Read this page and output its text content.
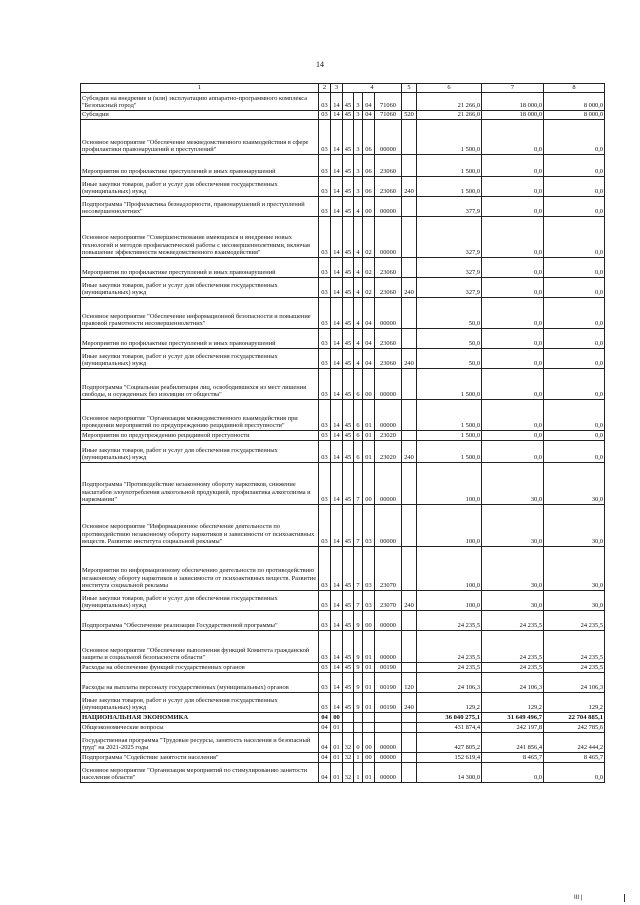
14
1	2	3	4				5	6	7	8
Субсидии на внедрение и (или) эксплуатацию аппаратно-программного комплекса "Безопасный город"	03	14	45	3	04	71060		21 266,0	18 000,0	8 000,0
Субсидии	03	14	45	3	04	71060	520	21 266,0	18 000,0	8 000,0
Основное мероприятие "Обеспечение межведомственного взаимодействия в сфере профилактики правонарушений и преступлений"	03	14	45	3	06	00000		1 500,0	0,0	0,0
Мероприятия по профилактике преступлений и иных правонарушений	03	14	45	3	06	23060		1 500,0	0,0	0,0
Иные закупки товаров, работ и услуг для обеспечения государственных (муниципальных) нужд	03	14	45	3	06	23060	240	1 500,0	0,0	0,0
Подпрограмма "Профилактика безнадзорности, правонарушений и преступлений несовершеннолетних"	03	14	45	4	00	00000		377,9	0,0	0,0
Основное мероприятие "Совершенствование имеющихся и внедрение новых технологий и методов профилактической работы с несовершеннолетними, включая повышение эффективности межведомственного взаимодействия"	03	14	45	4	02	00000		327,9	0,0	0,0
Мероприятия по профилактике преступлений и иных правонарушений	03	14	45	4	02	23060		327,9	0,0	0,0
Иные закупки товаров, работ и услуг для обеспечения государственных (муниципальных) нужд	03	14	45	4	02	23060	240	327,9	0,0	0,0
Основное мероприятие "Обеспечение информационной безопасности и повышение правовой грамотности несовершеннолетних"	03	14	45	4	04	00000		50,0	0,0	0,0
Мероприятия по профилактике преступлений и иных правонарушений	03	14	45	4	04	23060		50,0	0,0	0,0
Иные закупки товаров, работ и услуг для обеспечения государственных (муниципальных) нужд	03	14	45	4	04	23060	240	50,0	0,0	0,0
Подпрограмма "Социальная реабилитация лиц, освободившихся из мест лишения свободы, и осужденных без изоляции от общества"	03	14	45	6	00	00000		1 500,0	0,0	0,0
Основное мероприятие "Организация межведомственного взаимодействия при проведении мероприятий по предупреждению рецидивной преступности"	03	14	45	6	01	00000		1 500,0	0,0	0,0
Мероприятия по предупреждению рецидивной преступности	03	14	45	6	01	23020		1 500,0	0,0	0,0
Иные закупки товаров, работ и услуг для обеспечения государственных (муниципальных) нужд	03	14	45	6	01	23020	240	1 500,0	0,0	0,0
Подпрограмма "Противодействие незаконному обороту наркотиков, снижение масштабов злоупотребления алкогольной продукцией, профилактика алкоголизма и наркомании"	03	14	45	7	00	00000		100,0	30,0	30,0
Основное мероприятие "Информационное обеспечение деятельности по противодействию незаконному обороту наркотиков и зависимости от психоактивных веществ. Развитие института социальной рекламы"	03	14	45	7	03	00000		100,0	30,0	30,0
Мероприятия по информационному обеспечению деятельности по противодействию незаконному обороту наркотиков и зависимости от психоактивных веществ. Развитие института социальной рекламы	03	14	45	7	03	23070		100,0	30,0	30,0
Иные закупки товаров, работ и услуг для обеспечения государственных (муниципальных) нужд	03	14	45	7	03	23070	240	100,0	30,0	30,0
Подпрограмма "Обеспечение реализации Государственной программы"	03	14	45	9	00	00000		24 235,5	24 235,5	24 235,5
Основное мероприятие "Обеспечение выполнения функций Комитета гражданской защиты и социальной безопасности области"	03	14	45	9	01	00000		24 235,5	24 235,5	24 235,5
Расходы на обеспечение функций государственных органов	03	14	45	9	01	00190		24 235,5	24 235,5	24 235,5
Расходы на выплаты персоналу государственных (муниципальных) органов	03	14	45	9	01	00190	120	24 106,3	24 106,3	24 106,3
Иные закупки товаров, работ и услуг для обеспечения государственных (муниципальных) нужд	03	14	45	9	01	00190	240	129,2	129,2	129,2
НАЦИОНАЛЬНАЯ ЭКОНОМИКА	04	00						36 040 275,1	31 649 496,7	22 704 885,1
Общеэкономические вопросы	04	01						431 874,4	242 197,8	242 785,6
Государственная программа "Трудовые ресурсы, занятость населения и безопасный труд" на 2021-2025 годы	04	01	32	0	00	00000		427 805,2	241 856,4	242 444,2
Подпрограмма "Содействие занятости населения"	04	01	32	1	00	00000		152 619,4	8 465,7	8 465,7
Основное мероприятие "Организация мероприятий по стимулированию занятости населения области"	04	01	32	1	01	00000		14 300,0	0,0	0,0
III |
